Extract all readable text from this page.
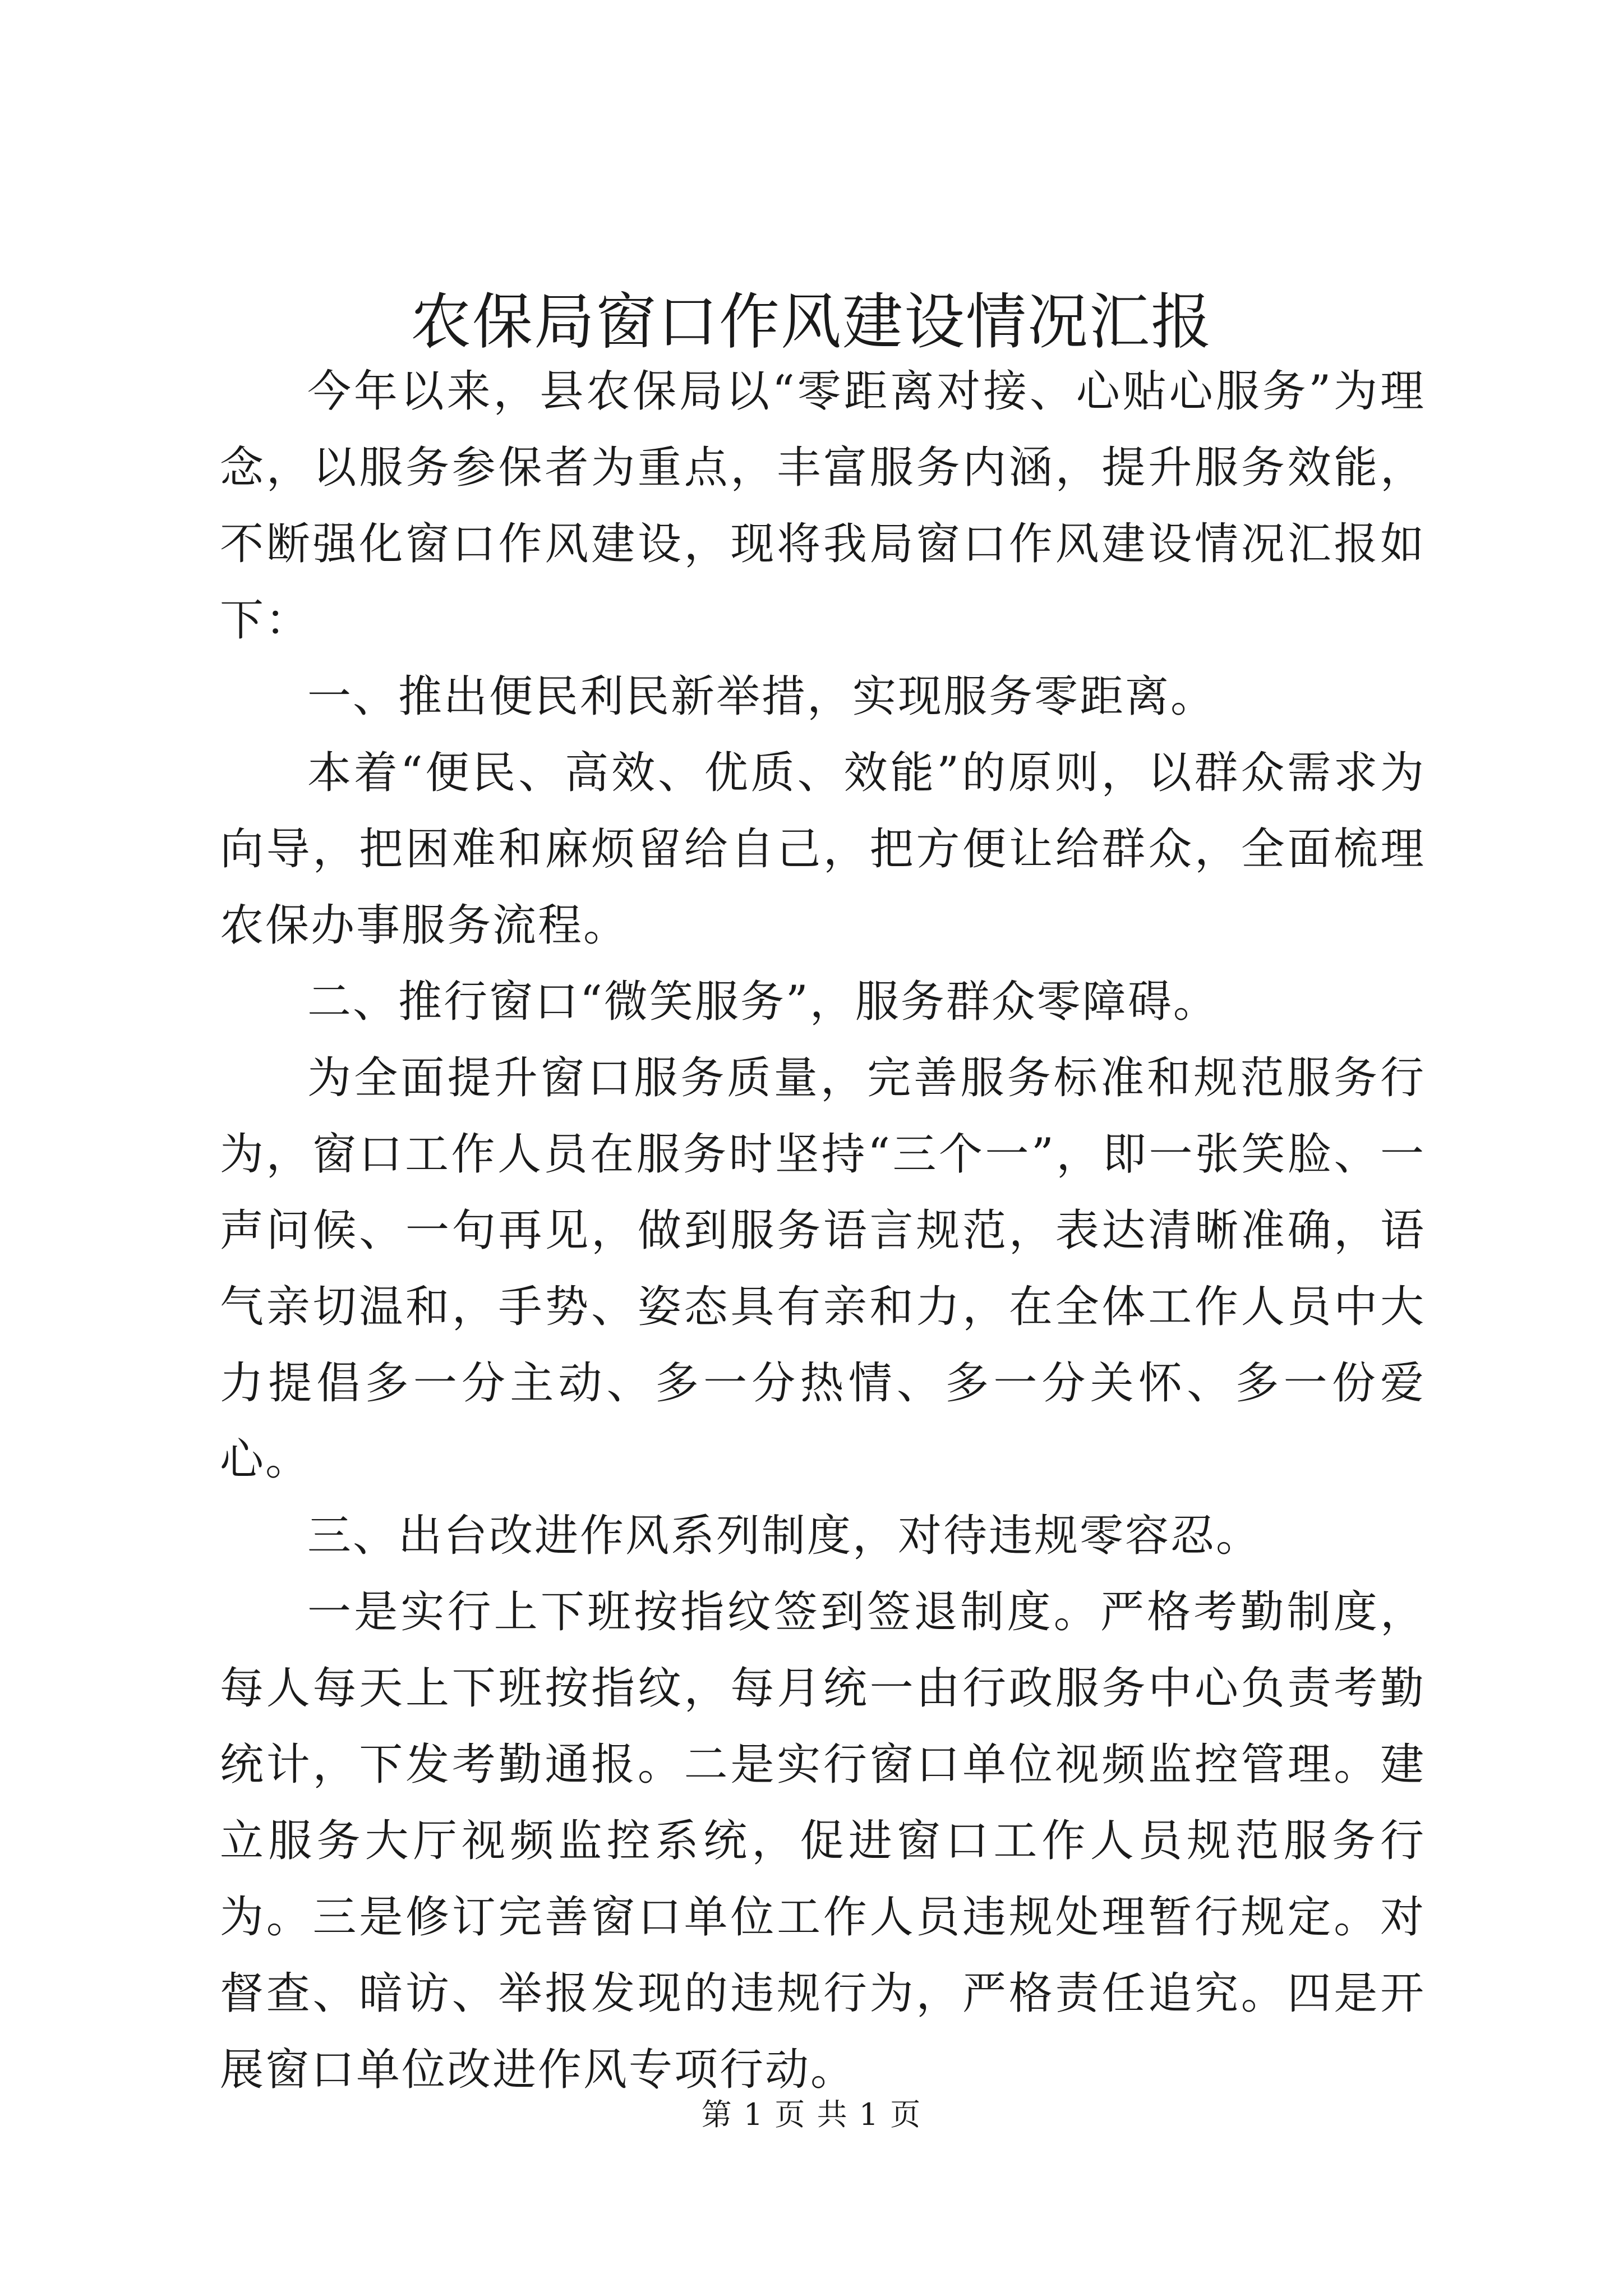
农保局窗口作风建设情况汇报

今年以来，县农保局以“零距离对接、心贴心服务”为理念，以服务参保者为重点，丰富服务内涵，提升服务效能，不断强化窗口作风建设，现将我局窗口作风建设情况汇报如下：

一、推出便民利民新举措，实现服务零距离。

本着“便民、高效、优质、效能”的原则，以群众需求为向导，把困难和麻烦留给自己，把方便让给群众，全面梳理农保办事服务流程。

二、推行窗口“微笑服务”，服务群众零障碍。

为全面提升窗口服务质量，完善服务标准和规范服务行为，窗口工作人员在服务时坚持“三个一”，即一张笑脸、一声问候、一句再见，做到服务语言规范，表达清晰准确，语气亲切温和，手势、姿态具有亲和力，在全体工作人员中大力提倡多一分主动、多一分热情、多一分关怀、多一份爱心。

三、出台改进作风系列制度，对待违规零容忍。

一是实行上下班按指纹签到签退制度。严格考勤制度，每人每天上下班按指纹，每月统一由行政服务中心负责考勤统计，下发考勤通报。二是实行窗口单位视频监控管理。建立服务大厅视频监控系统，促进窗口工作人员规范服务行为。三是修订完善窗口单位工作人员违规处理暂行规定。对督查、暗访、举报发现的违规行为，严格责任追究。四是开展窗口单位改进作风专项行动。

第 1 页 共 1 页
